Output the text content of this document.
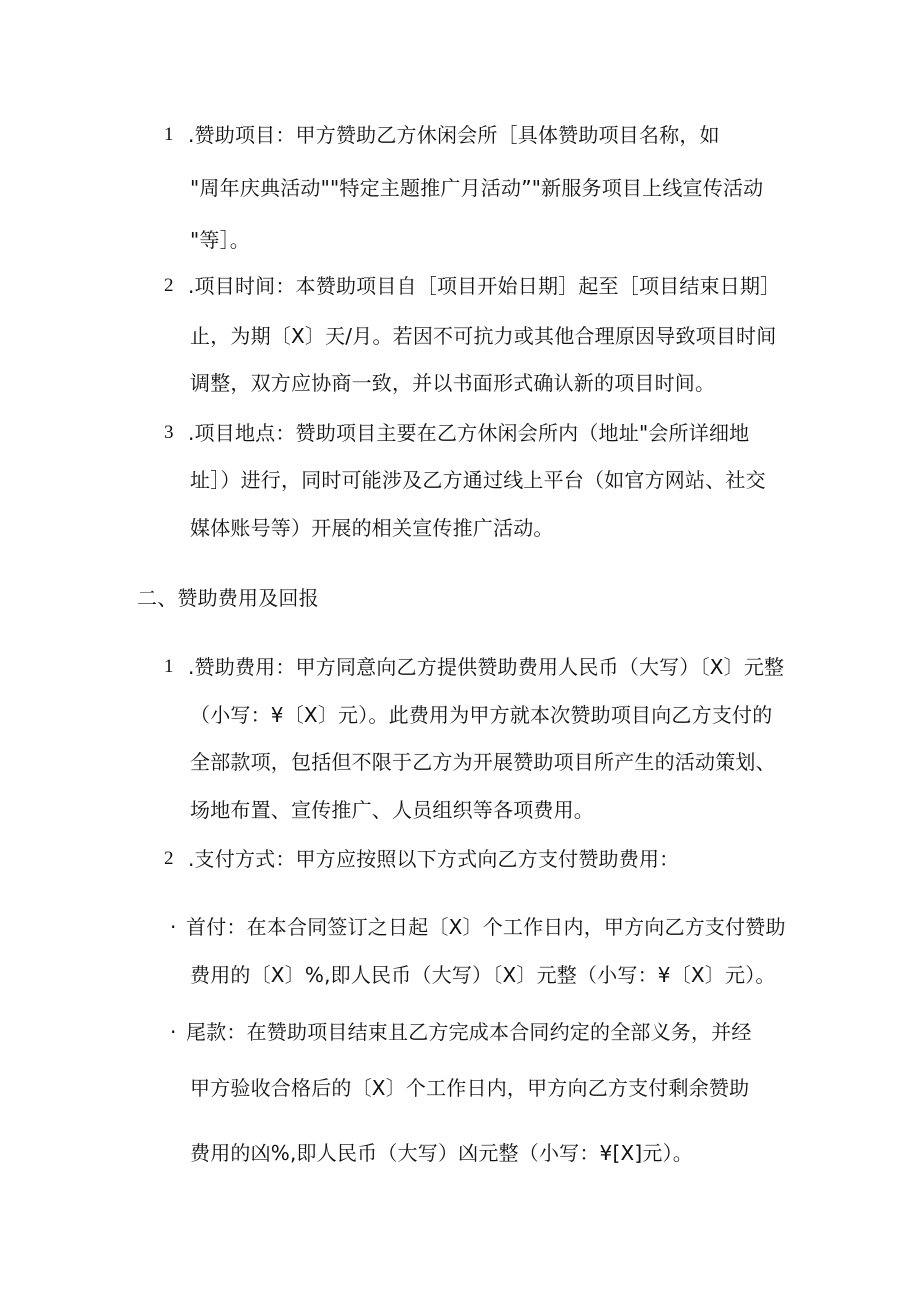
1 .赞助项目：甲方赞助乙方休闲会所［具体赞助项目名称，如
"周年庆典活动""特定主题推广月活动”"新服务项目上线宣传活动
"等］。
2 .项目时间：本赞助项目自［项目开始日期］起至［项目结束日期］
止，为期〔X〕天/月。若因不可抗力或其他合理原因导致项目时间
调整，双方应协商一致，并以书面形式确认新的项目时间。
3 .项目地点：赞助项目主要在乙方休闲会所内（地址"会所详细地
址］）进行，同时可能涉及乙方通过线上平台（如官方网站、社交
媒体账号等）开展的相关宣传推广活动。
二、赞助费用及回报
1 .赞助费用：甲方同意向乙方提供赞助费用人民币（大写）〔X〕元整
（小写：¥〔X〕元）。此费用为甲方就本次赞助项目向乙方支付的
全部款项，包括但不限于乙方为开展赞助项目所产生的活动策划、
场地布置、宣传推广、人员组织等各项费用。
2 .支付方式：甲方应按照以下方式向乙方支付赞助费用：
· 首付：在本合同签订之日起〔X〕个工作日内，甲方向乙方支付赞助
费用的〔X〕%,即人民币（大写）〔X〕元整（小写：¥〔X〕元）。
· 尾款：在赞助项目结束且乙方完成本合同约定的全部义务，并经
甲方验收合格后的〔X〕个工作日内，甲方向乙方支付剩余赞助
费用的凶%,即人民币（大写）凶元整（小写：¥[X]元）。
